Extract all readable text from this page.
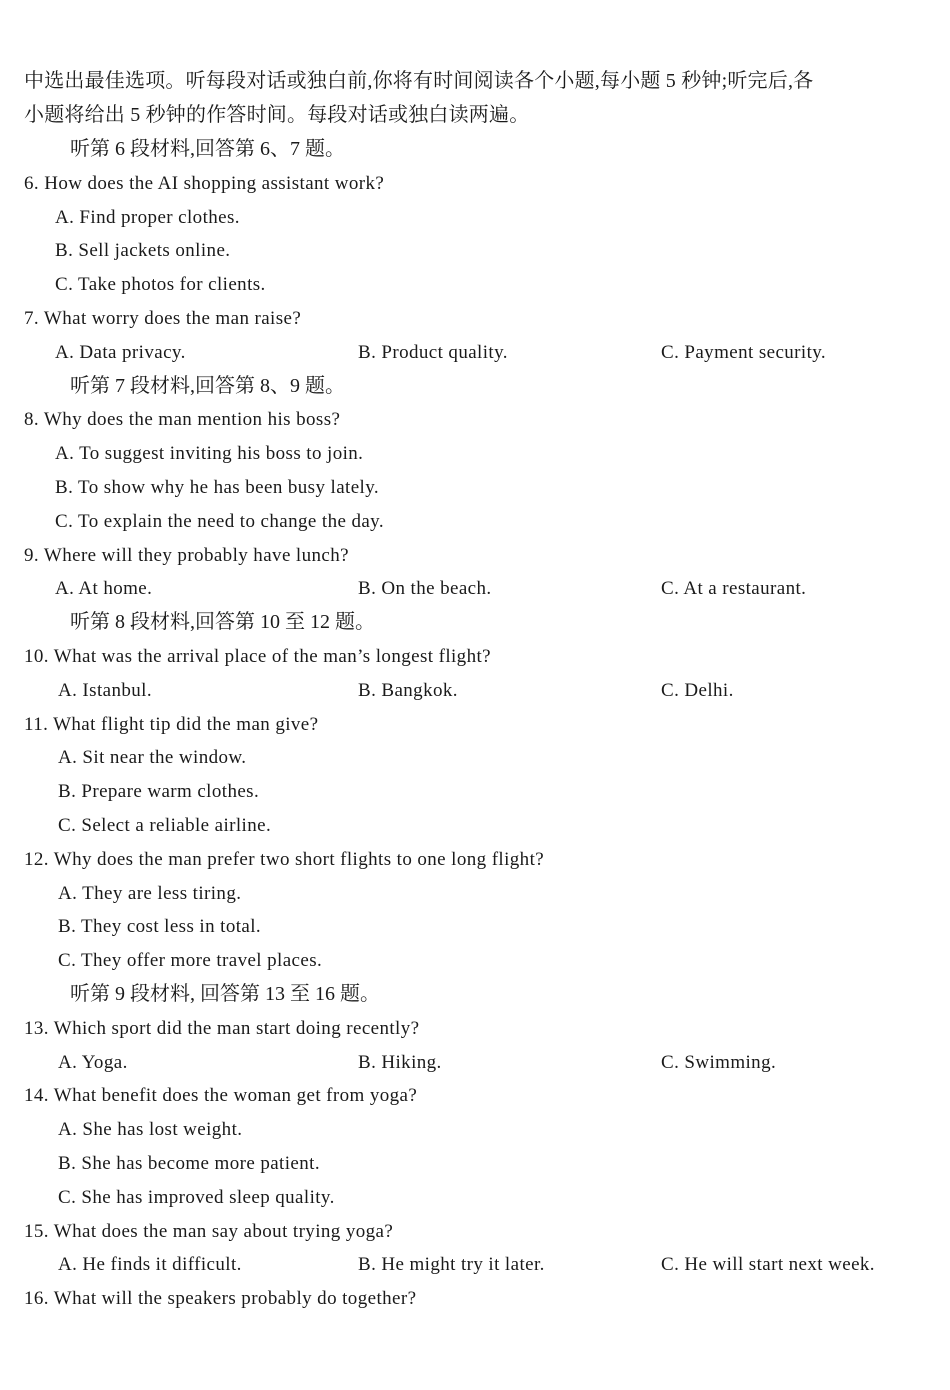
中选出最佳选项。听每段对话或独白前,你将有时间阅读各个小题,每小题 5 秒钟;听完后,各
小题将给出 5 秒钟的作答时间。每段对话或独白读两遍。
听第 6 段材料,回答第 6、7 题。
6. How does the AI shopping assistant work?
A. Find proper clothes.
B. Sell jackets online.
C. Take photos for clients.
7. What worry does the man raise?
A. Data privacy.	B. Product quality.	C. Payment security.
听第 7 段材料,回答第 8、9 题。
8. Why does the man mention his boss?
A. To suggest inviting his boss to join.
B. To show why he has been busy lately.
C. To explain the need to change the day.
9. Where will they probably have lunch?
A. At home.	B. On the beach.	C. At a restaurant.
听第 8 段材料,回答第 10 至 12 题。
10. What was the arrival place of the man’s longest flight?
A. Istanbul.	B. Bangkok.	C. Delhi.
11. What flight tip did the man give?
A. Sit near the window.
B. Prepare warm clothes.
C. Select a reliable airline.
12. Why does the man prefer two short flights to one long flight?
A. They are less tiring.
B. They cost less in total.
C. They offer more travel places.
听第 9 段材料, 回答第 13 至 16 题。
13. Which sport did the man start doing recently?
A. Yoga.	B. Hiking.	C. Swimming.
14. What benefit does the woman get from yoga?
A. She has lost weight.
B. She has become more patient.
C. She has improved sleep quality.
15. What does the man say about trying yoga?
A. He finds it difficult.	B. He might try it later.	C. He will start next week.
16. What will the speakers probably do together?
